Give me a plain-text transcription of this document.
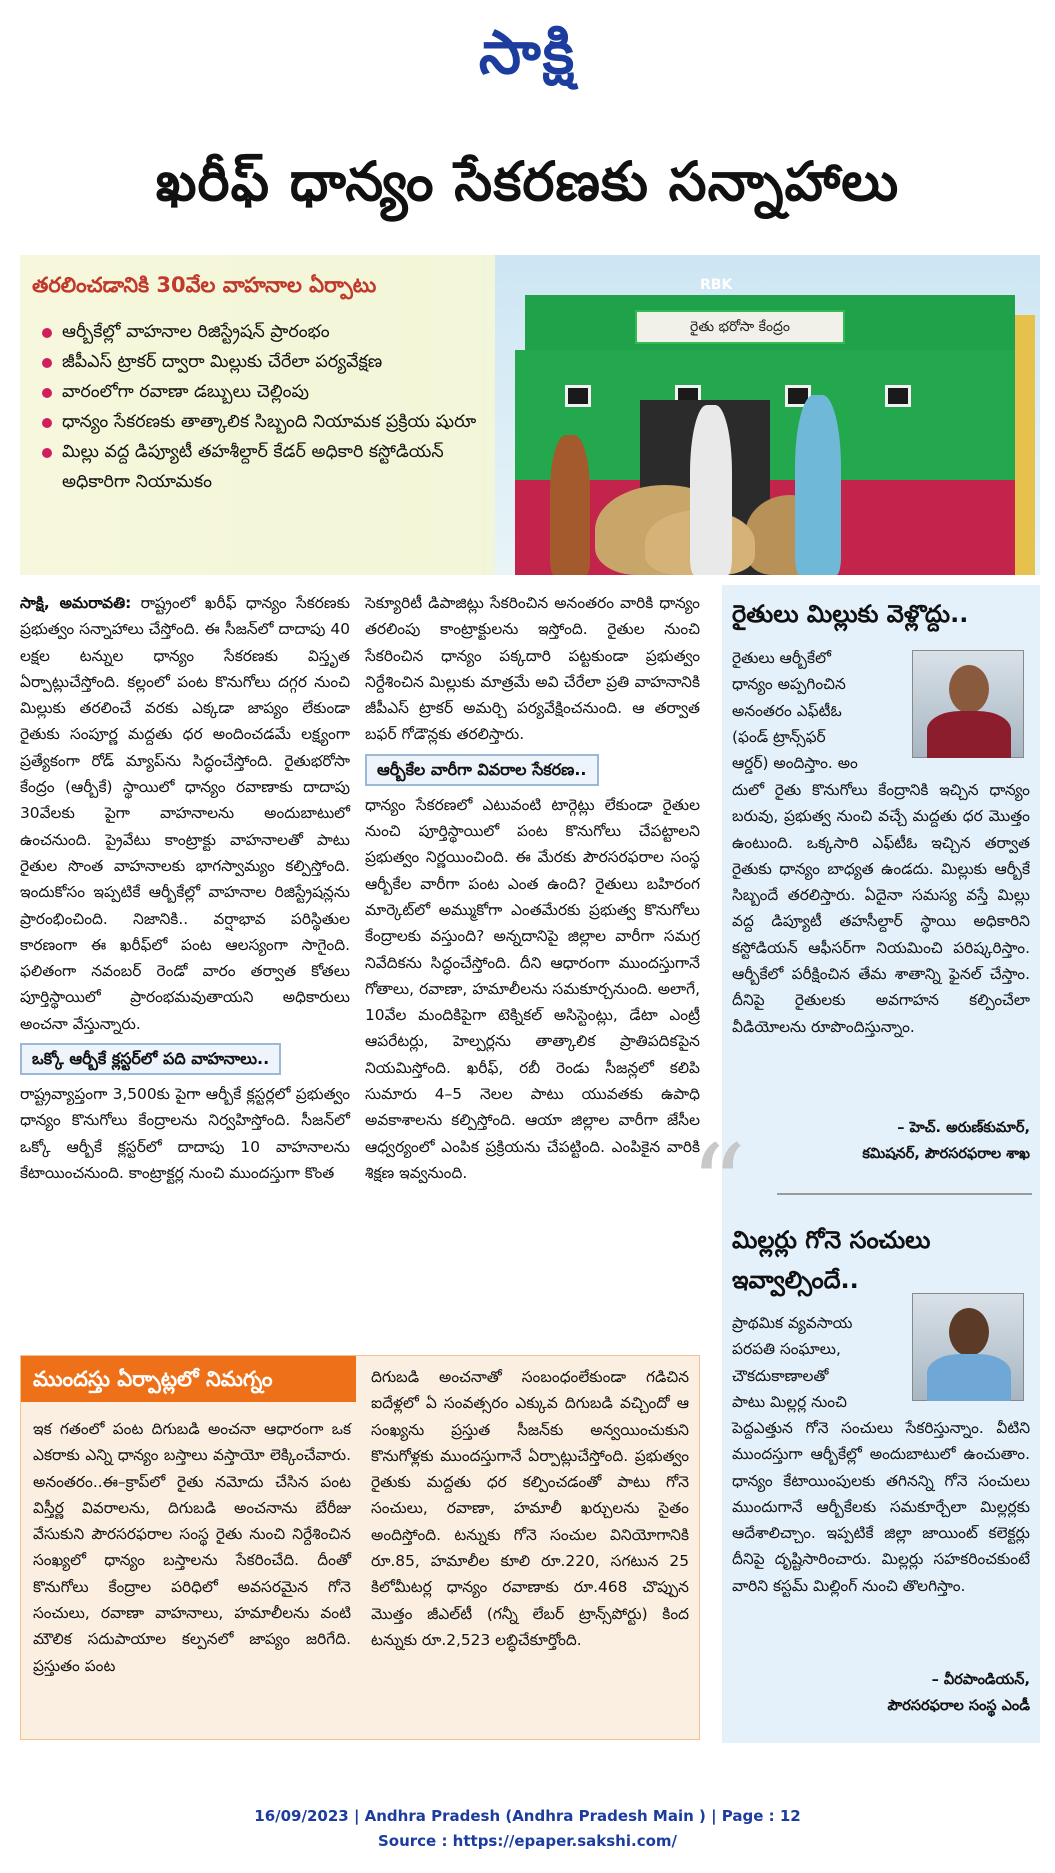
సాక్షి
ఖరీఫ్ ధాన్యం సేకరణకు సన్నాహాలు
తరలించడానికి 30వేల వాహనాల ఏర్పాటు
ఆర్బీకేల్లో వాహనాల రిజిస్ట్రేషన్ ప్రారంభం
జీపీఎస్ ట్రాకర్ ద్వారా మిల్లుకు చేరేలా పర్యవేక్షణ
వారంలోగా రవాణా డబ్బులు చెల్లింపు
ధాన్యం సేకరణకు తాత్కాలిక సిబ్బంది నియామక ప్రక్రియ షురూ
మిల్లు వద్ద డిప్యూటీ తహశీల్దార్ కేడర్ అధికారి కస్టోడియన్ అధికారిగా నియామకం
RBK
రైతు భరోసా కేంద్రం

సాక్షి, అమరావతి: రాష్ట్రంలో ఖరీఫ్ ధాన్యం సేకరణకు ప్రభుత్వం సన్నాహాలు చేస్తోంది. ఈ సీజన్‌లో దాదాపు 40 లక్షల టన్నుల ధాన్యం సేకరణకు విస్తృత ఏర్పాట్లుచేస్తోంది. కల్లంలో పంట కొనుగోలు దగ్గర నుంచి మిల్లుకు తరలించే వరకు ఎక్కడా జాప్యం లేకుండా రైతుకు సంపూర్ణ మద్దతు ధర అందించడమే లక్ష్యంగా ప్రత్యేకంగా రోడ్ మ్యాప్‌ను సిద్ధంచేస్తోంది. రైతుభరోసా కేంద్రం (ఆర్బీకే) స్థాయిలో ధాన్యం రవాణాకు దాదాపు 30వేలకు పైగా వాహనాలను అందుబాటులో ఉంచనుంది. ప్రైవేటు కాంట్రాక్టు వాహనాలతో పాటు రైతుల సొంత వాహనాలకు భాగస్వామ్యం కల్పిస్తోంది. ఇందుకోసం ఇప్పటికే ఆర్బీకేల్లో వాహనాల రిజిస్ట్రేషన్లను ప్రారంభించింది. నిజానికి.. వర్షాభావ పరిస్థితుల కారణంగా ఈ ఖరీఫ్‌లో పంట ఆలస్యంగా సాగైంది. ఫలితంగా నవంబర్ రెండో వారం తర్వాత కోతలు పూర్తిస్థాయిలో ప్రారంభమవుతాయని అధికారులు అంచనా వేస్తున్నారు.

ఒక్కో ఆర్బీకే క్లస్టర్‌లో పది వాహనాలు..

రాష్ట్రవ్యాప్తంగా 3,500కు పైగా ఆర్బీకే క్లస్టర్లలో ప్రభుత్వం ధాన్యం కొనుగోలు కేంద్రాలను నిర్వహిస్తోంది. సీజన్‌లో ఒక్కో ఆర్బీకే క్లస్టర్‌లో దాదాపు 10 వాహనాలను కేటాయించనుంది. కాంట్రాక్టర్ల నుంచి ముందస్తుగా కొంత

సెక్యూరిటీ డిపాజిట్లు సేకరించిన అనంతరం వారికి ధాన్యం తరలింపు కాంట్రాక్టులను ఇస్తోంది. రైతుల నుంచి సేకరించిన ధాన్యం పక్కదారి పట్టకుండా ప్రభుత్వం నిర్దేశించిన మిల్లుకు మాత్రమే అవి చేరేలా ప్రతి వాహనానికి జీపీఎస్ ట్రాకర్ అమర్చి పర్యవేక్షించనుంది. ఆ తర్వాత బఫర్ గోడౌన్లకు తరలిస్తారు.

ఆర్బీకేల వారీగా వివరాల సేకరణ..

ధాన్యం సేకరణలో ఎటువంటి టార్గెట్లు లేకుండా రైతుల నుంచి పూర్తిస్థాయిలో పంట కొనుగోలు చేపట్టాలని ప్రభుత్వం నిర్ణయించింది. ఈ మేరకు పౌరసరఫరాల సంస్థ ఆర్బీకేల వారీగా పంట ఎంత ఉంది? రైతులు బహిరంగ మార్కెట్‌లో అమ్ముకోగా ఎంతమేరకు ప్రభుత్వ కొనుగోలు కేంద్రాలకు వస్తుంది? అన్నదానిపై జిల్లాల వారీగా సమగ్ర నివేదికను సిద్ధంచేస్తోంది. దీని ఆధారంగా ముందస్తుగానే గోతాలు, రవాణా, హమాలీలను సమకూర్చనుంది. అలాగే, 10వేల మందికిపైగా టెక్నికల్ అసిస్టెంట్లు, డేటా ఎంట్రీ ఆపరేటర్లు, హెల్పర్లను తాత్కాలిక ప్రాతిపదికపైన నియమిస్తోంది. ఖరీఫ్, రబీ రెండు సీజన్లలో కలిపి సుమారు 4–5 నెలల పాటు యువతకు ఉపాధి అవకాశాలను కల్పిస్తోంది. ఆయా జిల్లాల వారీగా జేసీల ఆధ్వర్యంలో ఎంపిక ప్రక్రియను చేపట్టింది. ఎంపికైన వారికి శిక్షణ ఇవ్వనుంది.

రైతులు మిల్లుకు వెళ్లొద్దు..
రైతులు ఆర్బీకేలో
ధాన్యం అప్పగించిన
అనంతరం ఎఫ్‌టీఓ
(ఫండ్ ట్రాన్స్‌ఫర్
ఆర్డర్) అందిస్తాం. అం
దులో రైతు కొనుగోలు కేంద్రానికి ఇచ్చిన ధాన్యం బరువు, ప్రభుత్వ నుంచి వచ్చే మద్దతు ధర మొత్తం ఉంటుంది. ఒక్కసారి ఎఫ్‌టీఓ ఇచ్చిన తర్వాత రైతుకు ధాన్యం బాధ్యత ఉండదు. మిల్లుకు ఆర్బీకే సిబ్బందే తరలిస్తారు. ఏదైనా సమస్య వస్తే మిల్లు వద్ద డిప్యూటీ తహసీల్దార్ స్థాయి అధికారిని కస్టోడియన్ ఆఫీసర్‌గా నియమించి పరిష్కరిస్తాం. ఆర్బీకేలో పరీక్షించిన తేమ శాతాన్ని ఫైనల్ చేస్తాం. దీనిపై రైతులకు అవగాహన కల్పించేలా వీడియోలను రూపొందిస్తున్నాం.
– హెచ్. అరుణ్‌కుమార్,
కమిషనర్, పౌరసరఫరాల శాఖ
మిల్లర్లు గోనె సంచులు
ఇవ్వాల్సిందే..
ప్రాథమిక వ్యవసాయ
పరపతి సంఘాలు,
చౌకదుకాణాలతో
పాటు మిల్లర్ల నుంచి
పెద్దఎత్తున గోనె సంచులు సేకరిస్తున్నాం. వీటిని ముందస్తుగా ఆర్బీకేల్లో అందుబాటులో ఉంచుతాం. ధాన్యం కేటాయింపులకు తగినన్ని గోనె సంచులు ముందుగానే ఆర్బీకేలకు సమకూర్చేలా మిల్లర్లకు ఆదేశాలిచ్చాం. ఇప్పటికే జిల్లా జాయింట్ కలెక్టర్లు దీనిపై దృష్టిసారించారు. మిల్లర్లు సహకరించకుంటే వారిని కస్టమ్ మిల్లింగ్ నుంచి తొలగిస్తాం.
– వీరపాండియన్,
పౌరసరఫరాల సంస్థ ఎండీ
“
ముందస్తు ఏర్పాట్లలో నిమగ్నం
ఇక గతంలో పంట దిగుబడి అంచనా ఆధారంగా ఒక ఎకరాకు ఎన్ని ధాన్యం బస్తాలు వస్తాయో లెక్కించేవారు. అనంతరం..ఈ–క్రాప్‌లో రైతు నమోదు చేసిన పంట విస్తీర్ణ వివరాలను, దిగుబడి అంచనాను బేరీజు వేసుకుని పౌరసరఫరాల సంస్థ రైతు నుంచి నిర్దేశించిన సంఖ్యలో ధాన్యం బస్తాలను సేకరించేది. దీంతో కొనుగోలు కేంద్రాల పరిధిలో అవసరమైన గోనె సంచులు, రవాణా వాహనాలు, హమాలీలను వంటి మౌలిక సదుపాయాల కల్పనలో జాప్యం జరిగేది. ప్రస్తుతం పంట
దిగుబడి అంచనాతో సంబంధంలేకుండా గడిచిన ఐదేళ్లలో ఏ సంవత్సరం ఎక్కువ దిగుబడి వచ్చిందో ఆ సంఖ్యను ప్రస్తుత సీజన్‌కు అన్వయించుకుని కొనుగోళ్లకు ముందస్తుగానే ఏర్పాట్లుచేస్తోంది. ప్రభుత్వం రైతుకు మద్దతు ధర కల్పించడంతో పాటు గోనె సంచులు, రవాణా, హమాలీ ఖర్చులను సైతం అందిస్తోంది. టన్నుకు గోనె సంచుల వినియోగానికి రూ.85, హమాలీల కూలి రూ.220, సగటున 25 కిలోమీటర్ల ధాన్యం రవాణాకు రూ.468 చొప్పున మొత్తం జీఎల్‌టీ (గన్నీ లేబర్ ట్రాన్స్‌పోర్టు) కింద టన్నుకు రూ.2,523 లబ్ధిచేకూర్తోంది.
16/09/2023 | Andhra Pradesh (Andhra Pradesh Main ) | Page : 12
Source : https://epaper.sakshi.com/
